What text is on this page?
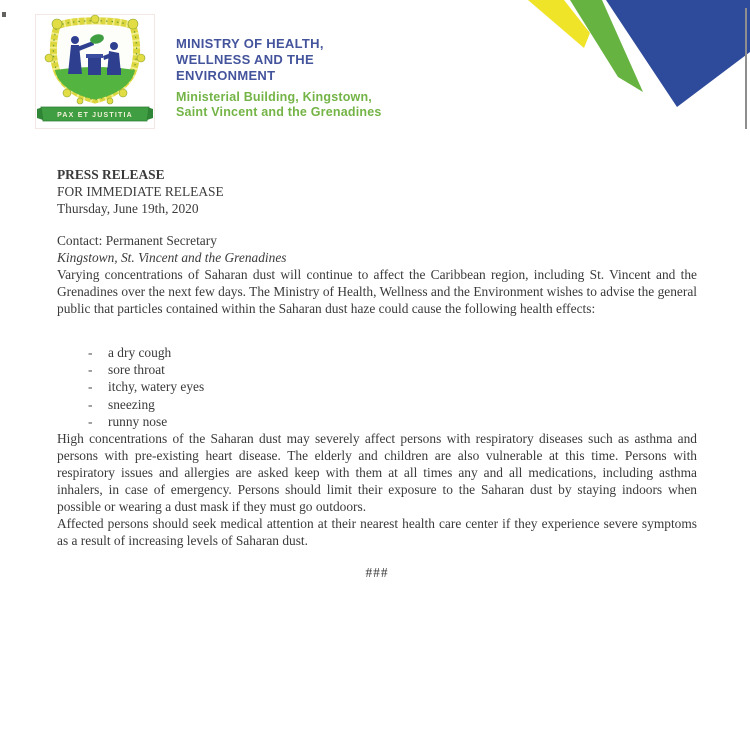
PAX ET JUSTITIA
MINISTRY OF HEALTH,
WELLNESS AND THE
ENVIRONMENT
Ministerial Building, Kingstown,
Saint Vincent and the Grenadines

PRESS RELEASE

FOR IMMEDIATE RELEASE

Thursday, June 19th, 2020

Contact: Permanent Secretary

Kingstown, St. Vincent and the Grenadines

Varying concentrations of Saharan dust will continue to affect the Caribbean region, including St. Vincent and the Grenadines over the next few days. The Ministry of Health, Wellness and the Environment wishes to advise the general public that particles contained within the Saharan dust haze could cause the following health effects:

- a dry cough
- sore throat
- itchy, watery eyes
- sneezing
- runny nose

High concentrations of the Saharan dust may severely affect persons with respiratory diseases such as asthma and persons with pre-existing heart disease. The elderly and children are also vulnerable at this time. Persons with respiratory issues and allergies are asked keep with them at all times any and all medications, including asthma inhalers, in case of emergency. Persons should limit their exposure to the Saharan dust by staying indoors when possible or wearing a dust mask if they must go outdoors.

Affected persons should seek medical attention at their nearest health care center if they experience severe symptoms as a result of increasing levels of Saharan dust.

###
